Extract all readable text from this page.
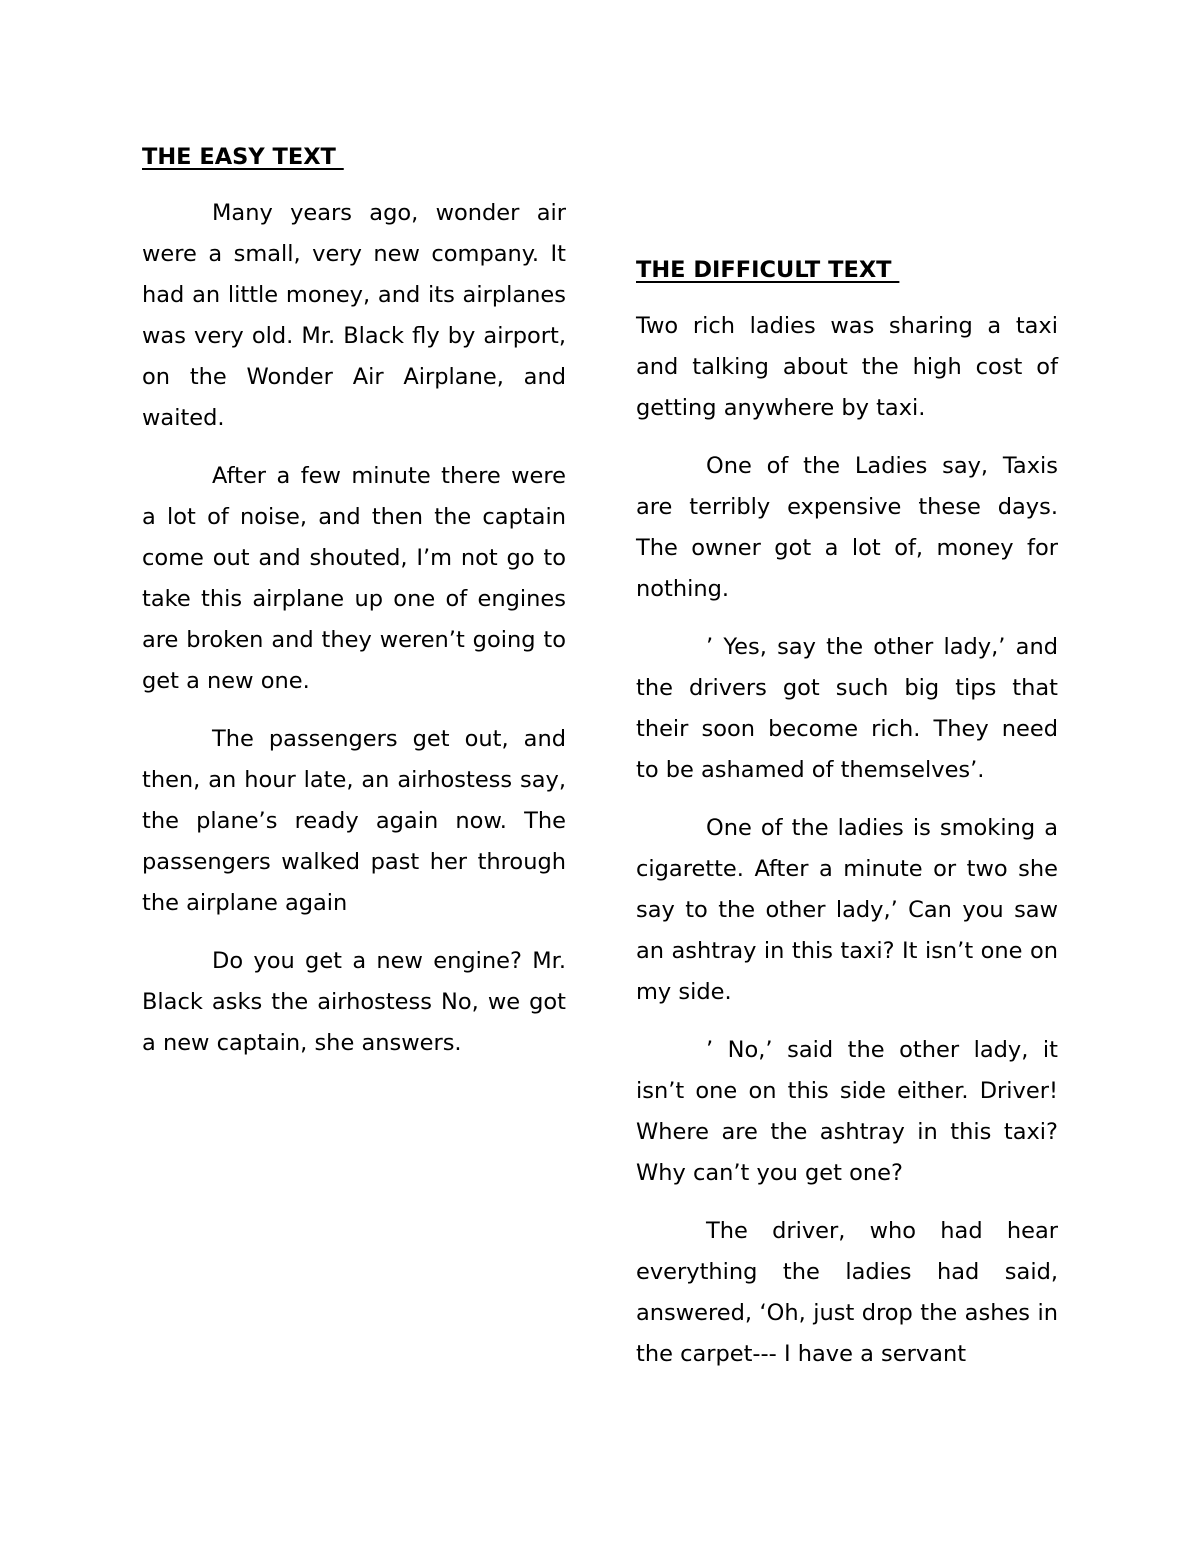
THE EASY TEXT

Many years ago, wonder air were a small, very new company. It had an little money, and its airplanes was very old. Mr. Black fly by airport, on the Wonder Air Airplane, and waited.

After a few minute there were a lot of noise, and then the captain come out and shouted, I’m not go to take this airplane up one of engines are broken and they weren’t going to get a new one.

The passengers get out, and then, an hour late, an airhostess say, the plane’s ready again now. The passengers walked past her through the airplane again

Do you get a new engine? Mr. Black asks the airhostess No, we got a new captain, she answers.

THE DIFFICULT TEXT

Two rich ladies was sharing a taxi and talking about the high cost of getting anywhere by taxi.

One of the Ladies say, Taxis are terribly expensive these days. The owner got a lot of, money for nothing.

’ Yes, say the other lady,’ and the drivers got such big tips that their soon become rich. They need to be ashamed of themselves’.

One of the ladies is smoking a cigarette. After a minute or two she say to the other lady,’ Can you saw an ashtray in this taxi? It isn’t one on my side.

’ No,’ said the other lady, it isn’t one on this side either. Driver! Where are the ashtray in this taxi? Why can’t you get one?

The driver, who had hear everything the ladies had said, answered, ‘Oh, just drop the ashes in the carpet--- I have a servant
